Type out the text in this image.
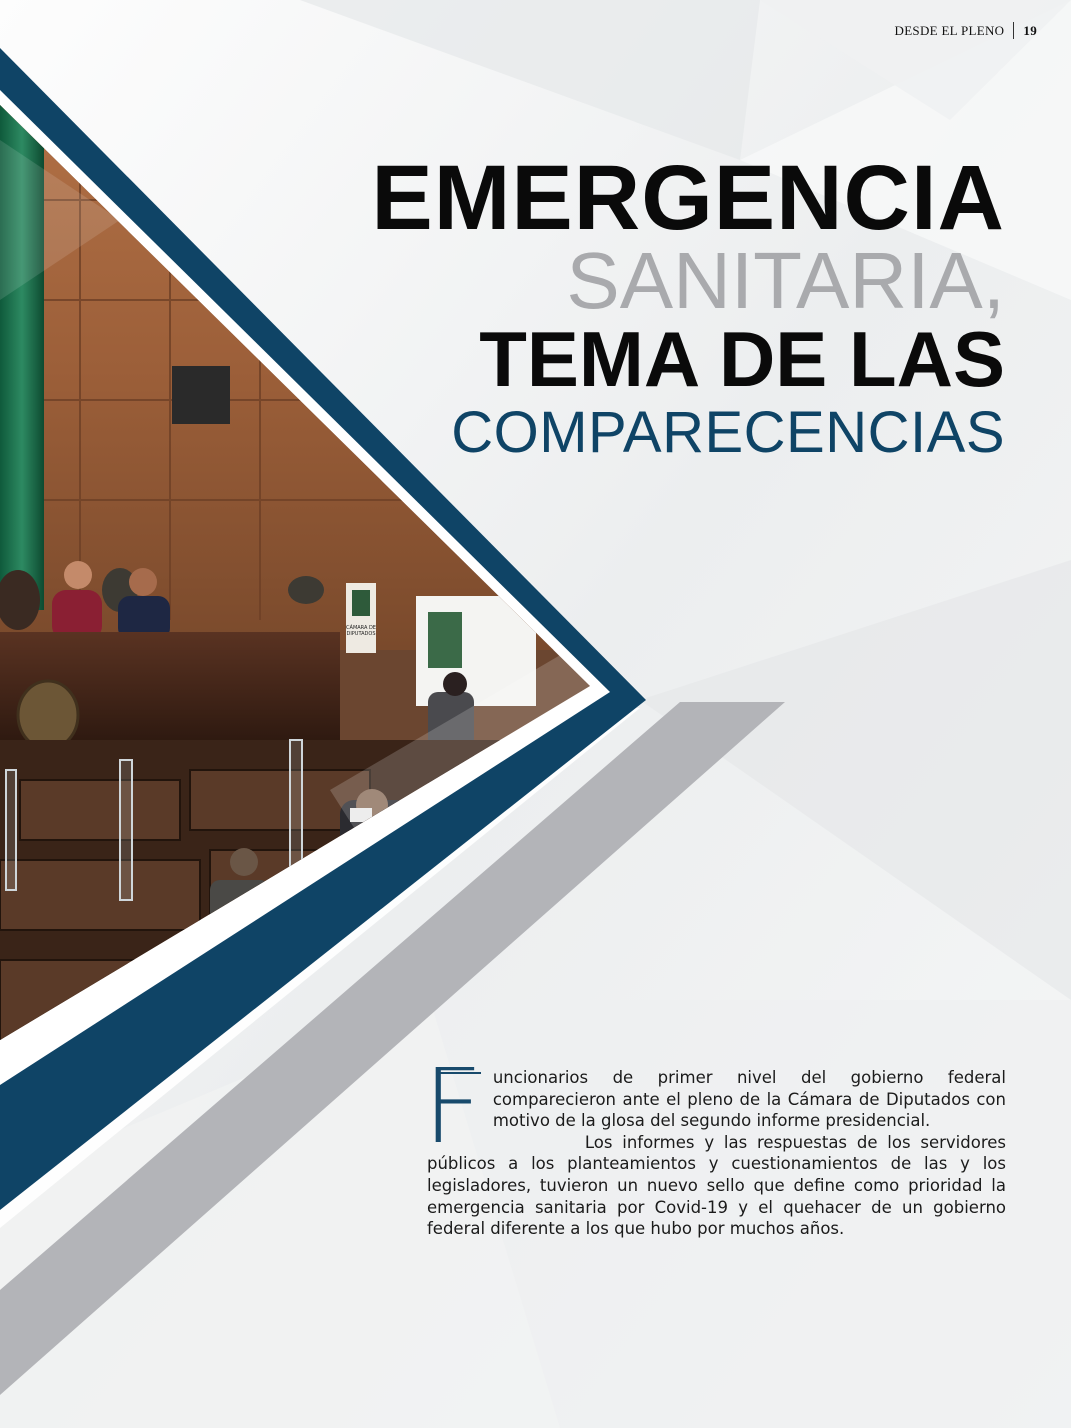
CÁMARA DE DIPUTADOS
DESDE EL PLENO 19
EMERGENCIA
SANITARIA,
TEMA DE LAS
COMPARECENCIAS

Funcionarios de primer nivel del gobierno federal comparecieron ante el pleno de la Cámara de Diputados con motivo de la glosa del segundo informe presidencial.

Los informes y las respuestas de los servidores públicos a los planteamientos y cuestionamientos de las y los legisladores, tuvieron un nuevo sello que define como prioridad la emergencia sanitaria por Covid-19 y el quehacer de un gobierno federal diferente a los que hubo por muchos años.
